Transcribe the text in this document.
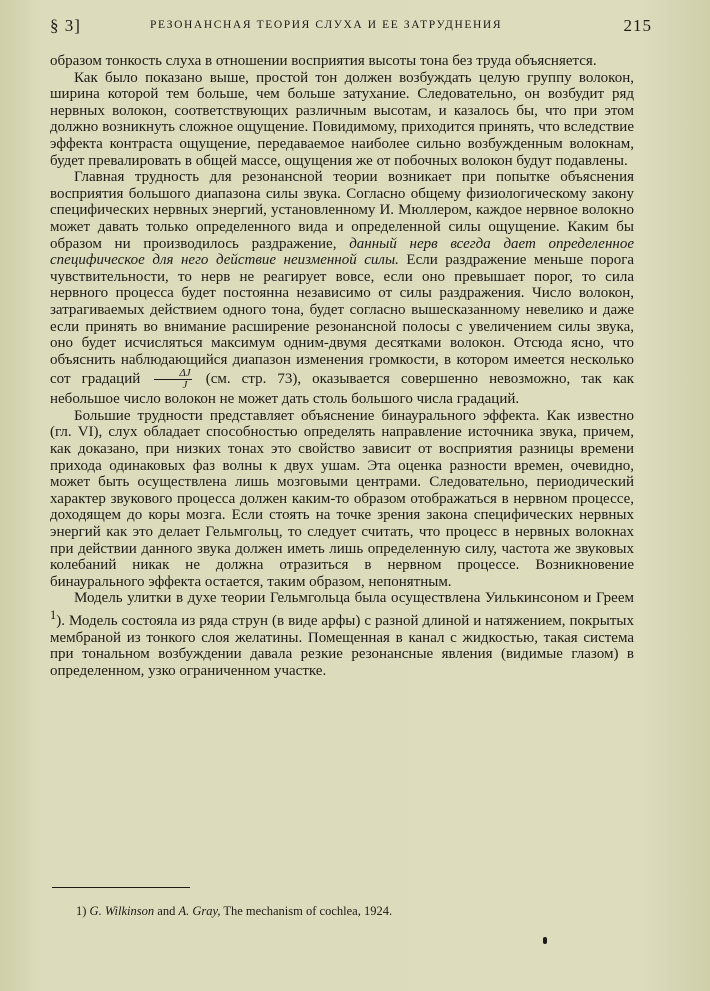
§ 3]	РЕЗОНАНСНАЯ ТЕОРИЯ СЛУХА И ЕЕ ЗАТРУДНЕНИЯ	215

образом тонкость слуха в отношении восприятия высоты тона без труда объясняется.

Как было показано выше, простой тон должен возбуждать целую группу волокон, ширина которой тем больше, чем больше затухание. Следовательно, он возбудит ряд нервных волокон, соответствующих различным высотам, и казалось бы, что при этом должно возникнуть сложное ощущение. Повидимому, приходится принять, что вследствие эффекта контраста ощущение, передаваемое наиболее сильно возбужденным волокнам, будет превалировать в общей массе, ощущения же от побочных волокон будут подавлены.

Главная трудность для резонансной теории возникает при попытке объяснения восприятия большого диапазона силы звука. Согласно общему физиологическому закону специфических нервных энергий, установленному И. Мюллером, каждое нервное волокно может давать только определенного вида и определенной силы ощущение. Каким бы образом ни производилось раздражение, данный нерв всегда дает определенное специфическое для него действие неизменной силы. Если раздражение меньше порога чувствительности, то нерв не реагирует вовсе, если оно превышает порог, то сила нервного процесса будет постоянна независимо от силы раздражения. Число волокон, затрагиваемых действием одного тона, будет согласно вышесказанному невелико и даже если принять во внимание расширение резонансной полосы с увеличением силы звука, оно будет исчисляться максимум одним-двумя десятками волокон. Отсюда ясно, что объяснить наблюдающийся диапазон изменения громкости, в котором имеется несколько сот градаций $\frac{\Delta J}{J} (см$. стр. 73), оказывается совершенно невозможно, так как небольшое число волокон не может дать столь большого числа градаций.

Большие трудности представляет объяснение бинаурального эффекта. Как известно (гл. VI), слух обладает способностью определять направление источника звука, причем, как доказано, при низких тонах это свойство зависит от восприятия разницы времени прихода одинаковых фаз волны к двух ушам. Эта оценка разности времен, очевидно, может быть осуществлена лишь мозговыми центрами. Следовательно, периодический характер звукового процесса должен каким-то образом отображаться в нервном процессе, доходящем до коры мозга. Если стоять на точке зрения закона специфических нервных энергий как это делает Гельмгольц, то следует считать, что процесс в нервных волокнах при действии данного звука должен иметь лишь определенную силу, частота же звуковых колебаний никак не должна отразиться в нервном процессе. Возникновение бинаурального эффекта остается, таким образом, непонятным.

Модель улитки в духе теории Гельмгольца была осуществлена Уилькинсоном и Греем $^1$). Модель состояла из ряда струн (в виде арфы) с разной длиной и натяжением, покрытых мембраной из тонкого слоя желатины. Помещенная в канал с жидкостью, такая система при тональном возбуждении давала резкие резонансные явления (видимые глазом) в определенном, узко ограниченном участке.

1) G. Wilkinson and A. Gray, The mechanism of cochlea, 1924.
